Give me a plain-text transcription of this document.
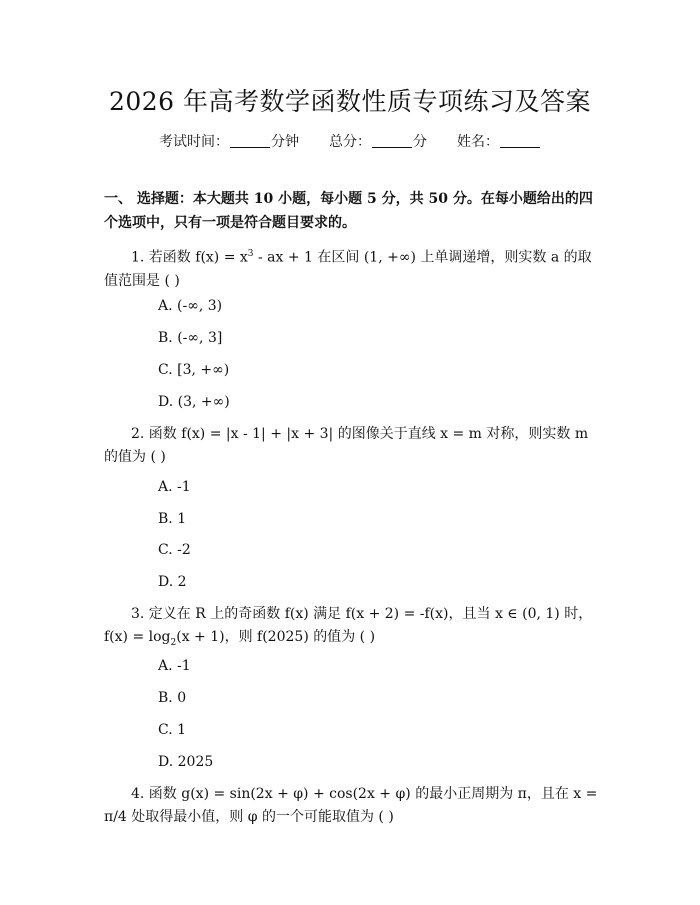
2026 年高考数学函数性质专项练习及答案
考试时间：	分钟 总分：	分 姓名：
一、 选择题：本大题共 10 小题，每小题 5 分，共 50 分。在每小题给出的四个选项中，只有一项是符合题目要求的。
1. 若函数 $f(x) = x^3$ - ax + 1 在区间 (1, +∞) 上单调递增，则实数 a 的取值范围是 ( )
A. (-∞, 3)
B. (-∞, 3]
C. [3, +∞)
D. (3, +∞)
2. 函数 f(x) = |x - 1| + |x + 3| 的图像关于直线 x = m 对称，则实数 m 的值为 ( )
A. -1
B. 1
C. -2
D. 2
3. 定义在 R 上的奇函数 f(x) 满足 f(x + 2) = -f(x)，且当 x ∈ (0, 1) 时，$f(x) = \log_2(x + 1)$，则 f(2025) 的值为 ( )
A. -1
B. 0
C. 1
D. 2025
4. 函数 g(x) = sin(2x + φ) + cos(2x + φ) 的最小正周期为 π，且在 x = π/4 处取得最小值，则 φ 的一个可能取值为 ( )
